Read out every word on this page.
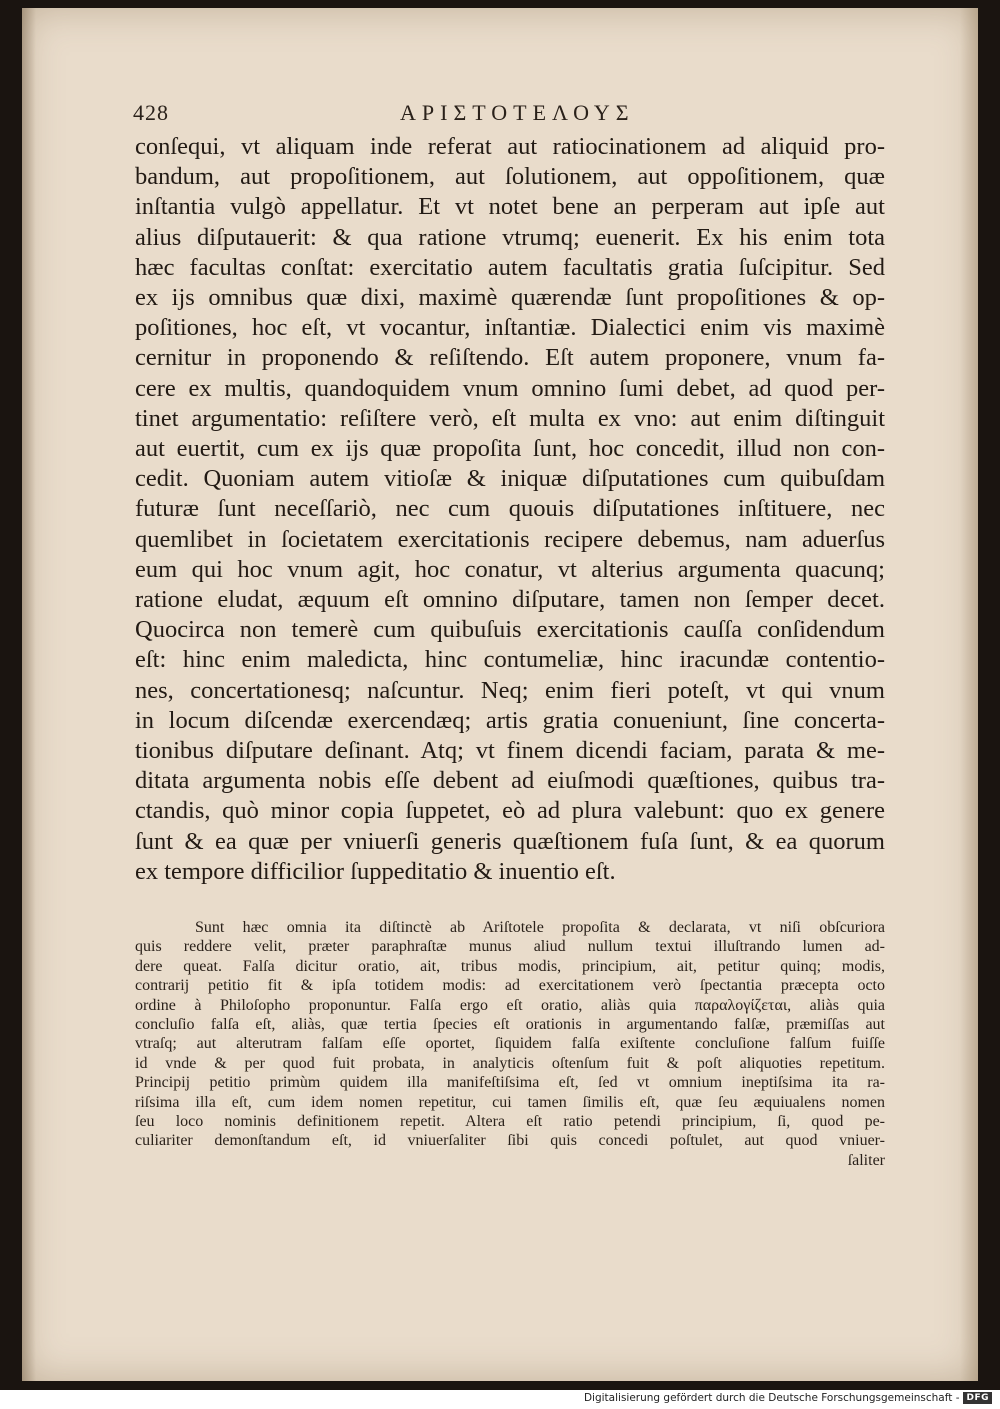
428	ΑΡΙΣΤΟΤΕΛΟΥΣ
conſequi, vt aliquam inde referat aut ratiocinationem ad aliquid pro-
bandum, aut propoſitionem, aut ſolutionem, aut oppoſitionem, quæ
inſtantia vulgò appellatur. Et vt notet bene an perperam aut ipſe aut
alius diſputauerit: & qua ratione vtrumq; euenerit. Ex his enim tota
hæc facultas conſtat: exercitatio autem facultatis gratia ſuſcipitur. Sed
ex ijs omnibus quæ dixi, maximè quærendæ ſunt propoſitiones & op-
poſitiones, hoc eſt, vt vocantur, inſtantiæ. Dialectici enim vis maximè
cernitur in proponendo & reſiſtendo. Eſt autem proponere, vnum fa-
cere ex multis, quandoquidem vnum omnino ſumi debet, ad quod per-
tinet argumentatio: reſiſtere verò, eſt multa ex vno: aut enim diſtinguit
aut euertit, cum ex ijs quæ propoſita ſunt, hoc concedit, illud non con-
cedit. Quoniam autem vitioſæ & iniquæ diſputationes cum quibuſdam
futuræ ſunt neceſſariò, nec cum quouis diſputationes inſtituere, nec
quemlibet in ſocietatem exercitationis recipere debemus, nam aduerſus
eum qui hoc vnum agit, hoc conatur, vt alterius argumenta quacunq;
ratione eludat, æquum eſt omnino diſputare, tamen non ſemper decet.
Quocirca non temerè cum quibuſuis exercitationis cauſſa conſidendum
eſt: hinc enim maledicta, hinc contumeliæ, hinc iracundæ contentio-
nes, concertationesq; naſcuntur. Neq; enim fieri poteſt, vt qui vnum
in locum diſcendæ exercendæq; artis gratia conueniunt, ſine concerta-
tionibus diſputare deſinant. Atq; vt finem dicendi faciam, parata & me-
ditata argumenta nobis eſſe debent ad eiuſmodi quæſtiones, quibus tra-
ctandis, quò minor copia ſuppetet, eò ad plura valebunt: quo ex genere
ſunt & ea quæ per vniuerſi generis quæſtionem fuſa ſunt, & ea quorum
ex tempore difficilior ſuppeditatio & inuentio eſt.
Sunt hæc omnia ita diſtinctè ab Ariſtotele propoſita & declarata, vt niſi obſcuriora
quis reddere velit, præter paraphraſtæ munus aliud nullum textui illuſtrando lumen ad-
dere queat. Falſa dicitur oratio, ait, tribus modis, principium, ait, petitur quinq; modis,
contrarij petitio fit & ipſa totidem modis: ad exercitationem verò ſpectantia præcepta octo
ordine à Philoſopho proponuntur. Falſa ergo eſt oratio, aliàs quia παραλογίζεται, aliàs quia
concluſio falſa eſt, aliàs, quæ tertia ſpecies eſt orationis in argumentando falſæ, præmiſſas aut
vtraſq; aut alterutram falſam eſſe oportet, ſiquidem falſa exiſtente concluſione falſum fuiſſe
id vnde & per quod fuit probata, in analyticis oſtenſum fuit & poſt aliquoties repetitum.
Principij petitio primùm quidem illa manifeſtiſsima eſt, ſed vt omnium ineptiſsima ita ra-
riſsima illa eſt, cum idem nomen repetitur, cui tamen ſimilis eſt, quæ ſeu æquiualens nomen
ſeu loco nominis definitionem repetit. Altera eſt ratio petendi principium, ſi, quod pe-
culiariter demonſtandum eſt, id vniuerſaliter ſibi quis concedi poſtulet, aut quod vniuer-
ſaliter
Digitalisierung gefördert durch die Deutsche Forschungsgemeinschaft - DFG
